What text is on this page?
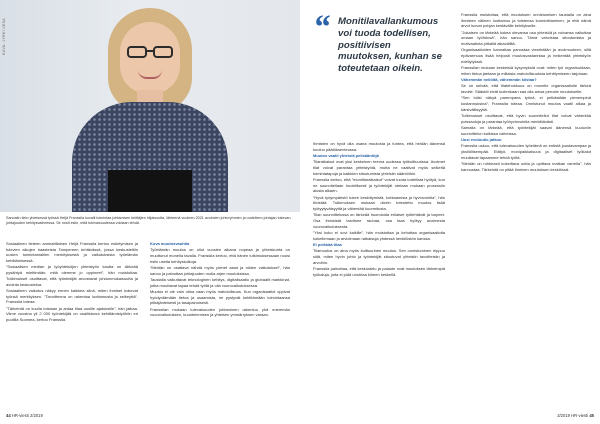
KUVA: JYRKI VESA
Sanoatin tieto yhteisessä työssä Heljä Franssila kuvaili toimintaa johtamisen keittäjien hiljaisuutta, lähteenä vuoteen 2021 avoimien johtoryhmien ja uudelleen johtajan tukevan johtajuuden kehitysvaiheessa. Se nosti esiin, mitä tulevaisuudessa voidaan tehdä.

Sosiaalinen tieteen ammattilainen Heljä Franssila kertoo esiintymisen ja tulevien aikojen haasteista Tampereen tehtävässä, jossa keskusteltiin uusien toimintamallien merkityksestä ja vaikutuksista työelämän kehittämisessä.

”Sosiaalisen median ja työyhteisöjen yhteistyön kautta on tärkeää pysähtyä miettimään, mitä olemme jo oppineet”, hän muistuttaa. Tutkimukset osoittavat, että työntekijät arvostavat johdonmukaisuutta ja avointa keskustelua.

Sosiaalinen vaikutus näkyy ennen kaikkea siinä, miten ihmiset kokevat työnsä merkityksen. ”Tavoitteena on rakentaa luottamusta ja selkeyttä”, Franssila toteaa.

”Tärkeintä on kuulla toisiaan ja antaa tilaa uusille ajatuksille”, hän jatkaa. Viime vuosina yli 2 000 työntekijää on osallistunut kehittämistyöhön eri puolilla Suomea, kertoo Franssila.

Kova muutosvauhtia

Työelämän muutos on ollut vuosien aikana nopeaa ja yhteiskunta on muuttunut monella tavalla. Franssila kertoo, että hänen tutkimuksessaan nousi esiin useita kehityskulkuja.

”Meidän on osattava nähdä myös pienet asiat ja niiden vaikutukset”, hän sanoo ja painottaa johtajuuden roolia arjen muutoksissa.

Taustalla vaikuttavat teknologinen kehitys, digitalisaatio ja globaalit markkinat, jotka muuttavat tapaa tehdä työtä ja olla vuorovaikutuksessa.

Muutos ei ole vain uhka vaan myös mahdollisuus. Kun organisaatiot oppivat hyödyntämään tietoa ja osaamista, ne pystyvät kehittämään toimintaansa pitkäjänteisesti ja tasapainoisesti.

Franssilan mukaan tulevaisuuden johtaminen rakentuu yhä enemmän vuorovaikutuksen, kuuntelemisen ja yhteisen ymmärryksen varaan.

44 HR-viesti 2/2019
“ Monitilavallankumous voi tuoda todellisen, positiivisen muutoksen, kunhan se toteutetaan oikein.

Ihmisten on hyvä olla osana muutosta ja tuntea, että heidän äänensä kuuluu päätöksenteossa.

Muutos vaatii yhteisiä pelisääntöjä

Tilaratkaisut ovat yksi keskeinen teema uudessa työkulttuurissa. Avoimet tilat voivat parantaa yhteistyötä, mutta ne vaativat myös selkeitä toimintatapoja ja kaikkien sitoutumista yhteisiin sääntöihin.

Franssila kertoo, että ”monitilaratkaisut” voivat tuoda todellista hyötyä, kun ne suunnitellaan huolellisesti ja työntekijät otetaan mukaan prosessiin alusta alkaen.

”Hyvä työympäristö tukee keskittymistä, kohtaamisia ja hyvinvointia”, hän tiivistää. Tutkimuksen mukaan oikein toteutettu muutos lisää työtyytyväisyyttä ja vähentää kuormitusta.

Tilan suunnittelussa on tärkeää huomioida erilaiset työtehtävät ja tarpeet. Osa ihmisistä tarvitsee rauhaa, osa taas hyötyy avoimesta vuorovaikutuksesta.

”Yksi koko ei sovi kaikille”, hän muistuttaa ja kehottaa organisaatioita kokeilemaan ja arvioimaan ratkaisuja yhdessä henkilöstön kanssa.

Ei pelkkää tilaa

Tilamuutos on aina myös kulttuurinen muutos. Sen onnistuminen riippuu siitä, miten hyvin johto ja työntekijät sitoutuvat yhteisiin tavoitteisiin ja arvoihin.

Franssila painottaa, että keskustelu ja palaute ovat muutoksen tärkeimpiä työkaluja, joita ei pidä unohtaa kiireen keskellä.

Franssila muistuttaa, että muutoksen onnistumisen taustalla on aina ihmisten välinen luottamus ja toistensa kunnioittaminen, ja että nämä arvot luovat pohjan kestävälle kehitykselle.

”Jokaisen on tärkeää kokea olevansa osa yhteisöä ja voivansa vaikuttaa omaan työhönsä”, hän sanoo. Tämä vahvistaa sitoutumista ja motivaatiota pitkällä aikavälillä.

Organisaatioiden kannattaa panostaa viestintään ja avoimuuteen, sillä epävarmuus lisää helposti muutosvastarintaa ja heikentää yhteistyön edellytyksiä.

Franssilan mukaan keskeisiä kysymyksiä ovat: miten työ organisoidaan, miten tietoa jaetaan ja millaisia mahdollisuuksia kehittymiseen tarjotaan.

Vähemmän neliöitä, vähemmän kiistaa?

Se on selvää, että tilatehokkuus on monelle organisaatiolle tärkeä tavoite. Säästöt eivät kuitenkaan saa olla ainoa peruste muutokselle.

”Sen tulisi näkyä parempana työnä, ei pelkästään pienempinä kustannuksina”, Franssila toteaa. Onnistunut muutos vaatii aikaa ja kärsivällisyyttä.

Tutkimukset osoittavat, että hyvin suunnitellut tilat voivat vähentää poissaoloja ja parantaa työhyvinvointia merkittävästi.

Samalla on tärkeää, että työntekijät saavat äänensä kuuluviin suunnittelun kaikissa vaiheissa.

Uusi evoluutio jatkuu

Franssila uskoo, että tulevaisuuden työelämä on entistä joustavampaa ja yksilöllisempää. Etätyö, monipaikkaisuus ja digitaaliset työkalut muuttavat tapaamme tehdä työtä.

”Meidän on rohkeasti kokeiltava uutta ja opittava matkan varrella”, hän kannustaa. Tärkeintä on pitää ihminen muutoksen keskiössä.

2/2019 HR-viesti 45
